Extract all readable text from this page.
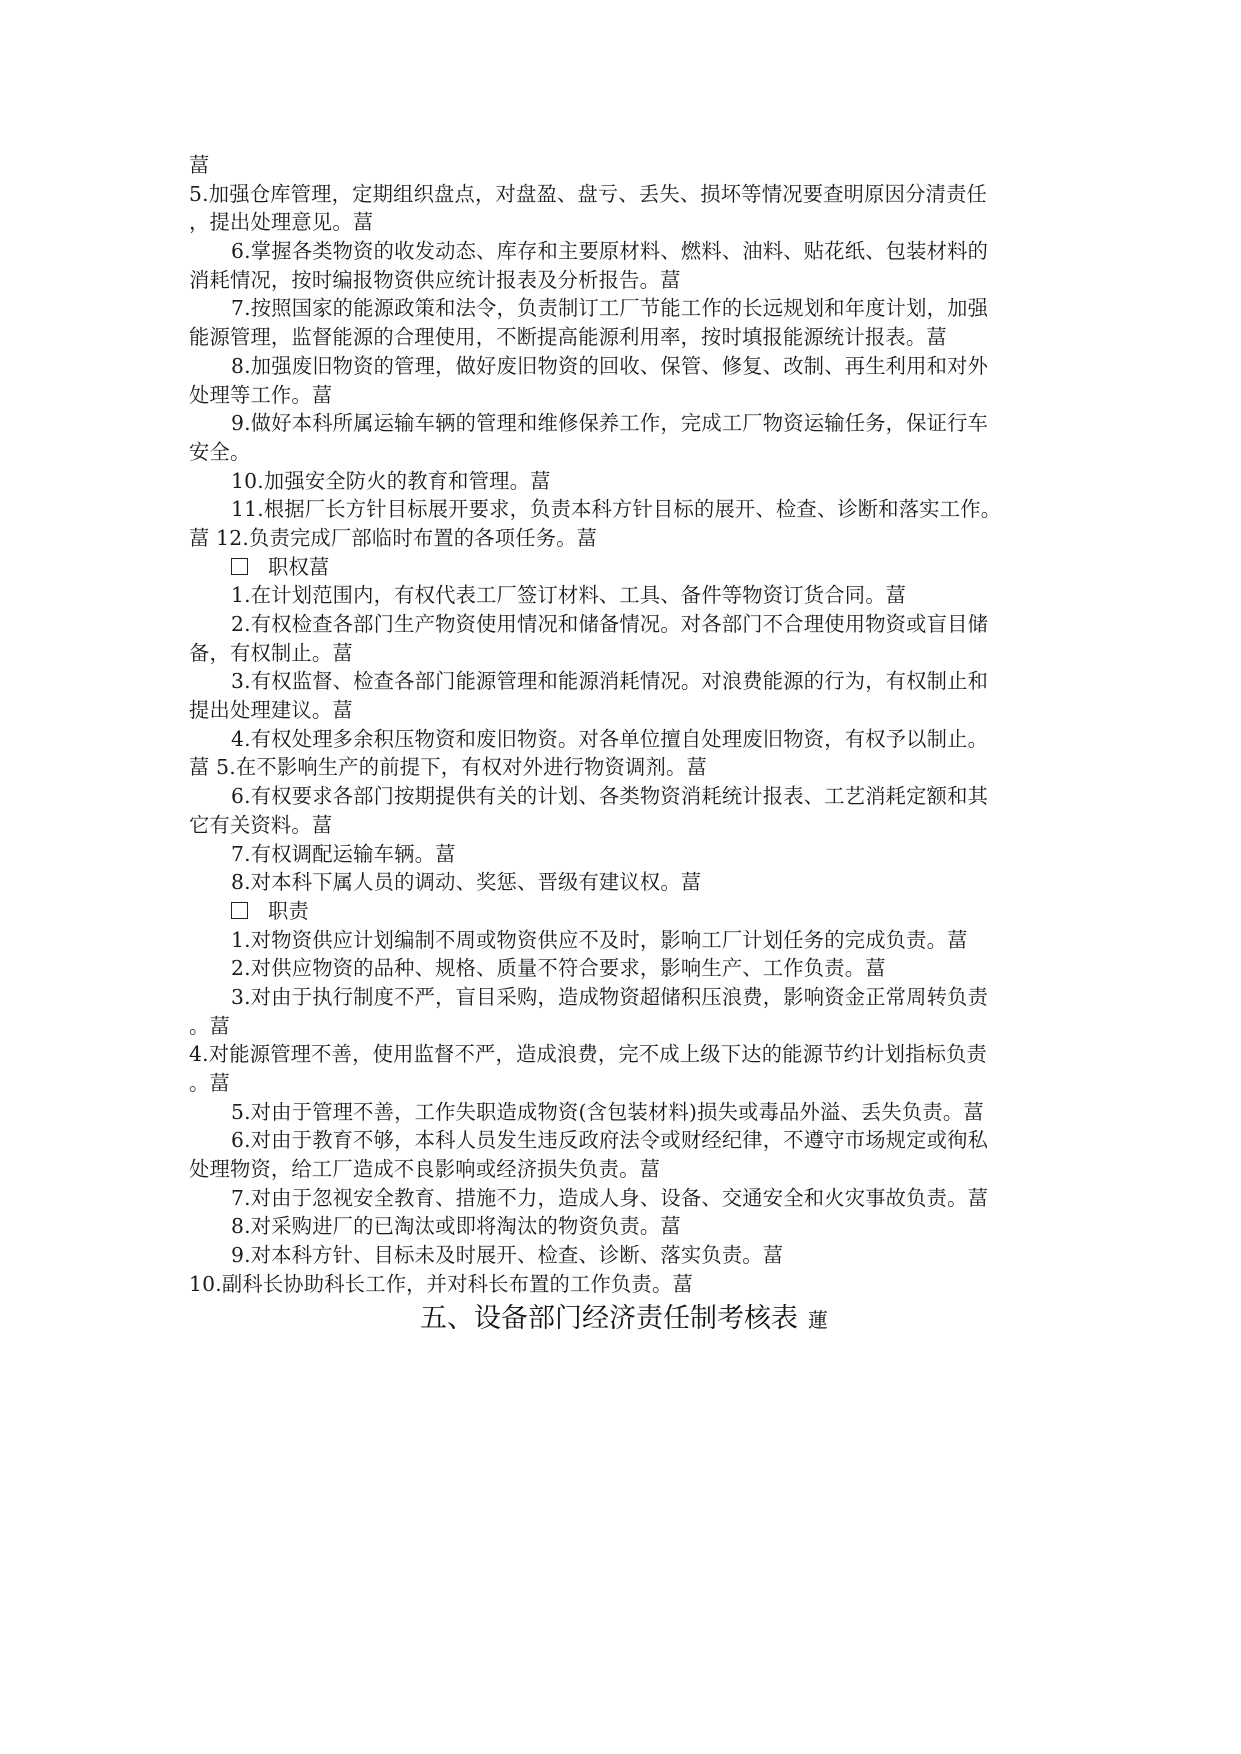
葍
5.加强仓库管理，定期组织盘点，对盘盈、盘亏、丢失、损坏等情况要查明原因分清责任
，提出处理意见。葍
6.掌握各类物资的收发动态、库存和主要原材料、燃料、油料、贴花纸、包装材料的
消耗情况，按时编报物资供应统计报表及分析报告。葍
7.按照国家的能源政策和法令，负责制订工厂节能工作的长远规划和年度计划，加强
能源管理，监督能源的合理使用，不断提高能源利用率，按时填报能源统计报表。葍
8.加强废旧物资的管理，做好废旧物资的回收、保管、修复、改制、再生利用和对外
处理等工作。葍
9.做好本科所属运输车辆的管理和维修保养工作，完成工厂物资运输任务，保证行车
安全。
10.加强安全防火的教育和管理。葍
11.根据厂长方针目标展开要求，负责本科方针目标的展开、检查、诊断和落实工作。
葍 12.负责完成厂部临时布置的各项任务。葍
职权葍
1.在计划范围内，有权代表工厂签订材料、工具、备件等物资订货合同。葍
2.有权检查各部门生产物资使用情况和储备情况。对各部门不合理使用物资或盲目储
备，有权制止。葍
3.有权监督、检查各部门能源管理和能源消耗情况。对浪费能源的行为，有权制止和
提出处理建议。葍
4.有权处理多余积压物资和废旧物资。对各单位擅自处理废旧物资，有权予以制止。
葍 5.在不影响生产的前提下，有权对外进行物资调剂。葍
6.有权要求各部门按期提供有关的计划、各类物资消耗统计报表、工艺消耗定额和其
它有关资料。葍
7.有权调配运输车辆。葍
8.对本科下属人员的调动、奖惩、晋级有建议权。葍
职责
1.对物资供应计划编制不周或物资供应不及时，影响工厂计划任务的完成负责。葍
2.对供应物资的品种、规格、质量不符合要求，影响生产、工作负责。葍
3.对由于执行制度不严，盲目采购，造成物资超储积压浪费，影响资金正常周转负责
。葍
4.对能源管理不善，使用监督不严，造成浪费，完不成上级下达的能源节约计划指标负责
。葍
5.对由于管理不善，工作失职造成物资(含包装材料)损失或毒品外溢、丢失负责。葍
6.对由于教育不够，本科人员发生违反政府法令或财经纪律，不遵守市场规定或徇私
处理物资，给工厂造成不良影响或经济损失负责。葍
7.对由于忽视安全教育、措施不力，造成人身、设备、交通安全和火灾事故负责。葍
8.对采购进厂的已淘汰或即将淘汰的物资负责。葍
9.对本科方针、目标未及时展开、检查、诊断、落实负责。葍
10.副科长协助科长工作，并对科长布置的工作负责。葍
五、设备部门经济责任制考核表 蓮
